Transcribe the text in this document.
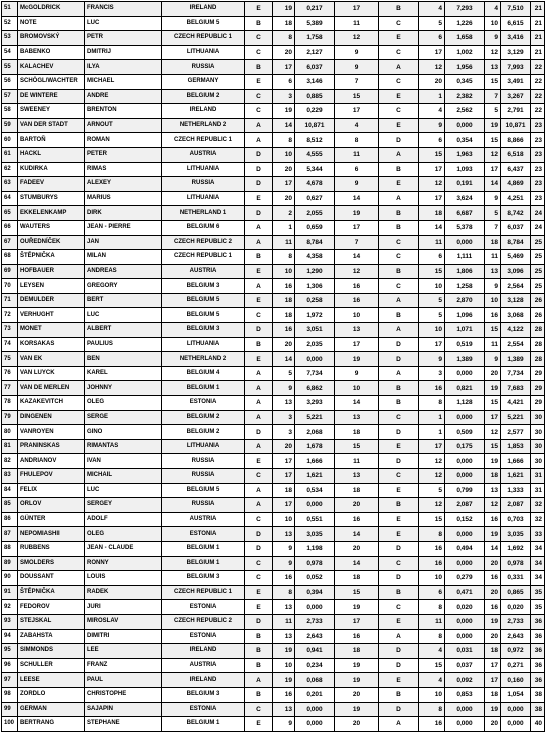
51	McGOLDRICK	FRANCIS	IRELAND	E	19	0,217	17	B	4	7,293	4	7,510	21
52	NOTE	LUC	BELGIUM 5	B	18	5,389	11	C	5	1,226	10	6,615	21
53	BROMOVSKÝ	PETR	CZECH REPUBLIC 1	C	8	1,758	12	E	6	1,658	9	3,416	21
54	BABENKO	DMITRIJ	LITHUANIA	C	20	2,127	9	C	17	1,002	12	3,129	21
55	KALACHEV	ILYA	RUSSIA	B	17	6,037	9	A	12	1,956	13	7,993	22
56	SCHÖGL/WACHTER	MICHAEL	GERMANY	E	6	3,146	7	C	20	0,345	15	3,491	22
57	DE WINTERE	ANDRE	BELGIUM 2	C	3	0,885	15	E	1	2,382	7	3,267	22
58	SWEENEY	BRENTON	IRELAND	C	19	0,229	17	C	4	2,562	5	2,791	22
59	VAN DER STADT	ARNOUT	NETHERLAND 2	A	14	10,871	4	E	9	0,000	19	10,871	23
60	BARTOŇ	ROMAN	CZECH REPUBLIC 1	A	8	8,512	8	D	6	0,354	15	8,866	23
61	HACKL	PETER	AUSTRIA	D	10	4,555	11	A	15	1,963	12	6,518	23
62	KUDIRKA	RIMAS	LITHUANIA	D	20	5,344	6	B	17	1,093	17	6,437	23
63	FADEEV	ALEXEY	RUSSIA	D	17	4,678	9	E	12	0,191	14	4,869	23
64	STUMBURYS	MARIUS	LITHUANIA	E	20	0,627	14	A	17	3,624	9	4,251	23
65	EKKELENKAMP	DIRK	NETHERLAND 1	D	2	2,055	19	B	18	6,687	5	8,742	24
66	WAUTERS	JEAN - PIERRE	BELGIUM 6	A	1	0,659	17	B	14	5,378	7	6,037	24
67	OUŘEDNÍČEK	JAN	CZECH REPUBLIC 2	A	11	8,784	7	C	11	0,000	18	8,784	25
68	ŠTĚPNIČKA	MILAN	CZECH REPUBLIC 1	B	8	4,358	14	C	6	1,111	11	5,469	25
69	HOFBAUER	ANDREAS	AUSTRIA	E	10	1,290	12	B	15	1,806	13	3,096	25
70	LEYSEN	GREGORY	BELGIUM 3	A	16	1,306	16	C	10	1,258	9	2,564	25
71	DEMULDER	BERT	BELGIUM 5	E	18	0,258	16	A	5	2,870	10	3,128	26
72	VERHUGHT	LUC	BELGIUM 5	C	18	1,972	10	B	5	1,096	16	3,068	26
73	MONET	ALBERT	BELGIUM 3	D	16	3,051	13	A	10	1,071	15	4,122	28
74	KORSAKAS	PAULIUS	LITHUANIA	B	20	2,035	17	D	17	0,519	11	2,554	28
75	VAN EK	BEN	NETHERLAND 2	E	14	0,000	19	D	9	1,389	9	1,389	28
76	VAN LUYCK	KAREL	BELGIUM 4	A	5	7,734	9	A	3	0,000	20	7,734	29
77	VAN DE MERLEN	JOHNNY	BELGIUM 1	A	9	6,862	10	B	16	0,821	19	7,683	29
78	KAZAKEVITCH	OLEG	ESTONIA	A	13	3,293	14	B	8	1,128	15	4,421	29
79	DINGENEN	SERGE	BELGIUM 2	A	3	5,221	13	C	1	0,000	17	5,221	30
80	VANROYEN	GINO	BELGIUM 2	D	3	2,068	18	D	1	0,509	12	2,577	30
81	PRANINSKAS	RIMANTAS	LITHUANIA	A	20	1,678	15	E	17	0,175	15	1,853	30
82	ANDRIANOV	IVAN	RUSSIA	E	17	1,666	11	D	12	0,000	19	1,666	30
83	FHULEPOV	MICHAIL	RUSSIA	C	17	1,621	13	C	12	0,000	18	1,621	31
84	FELIX	LUC	BELGIUM 5	A	18	0,534	18	E	5	0,799	13	1,333	31
85	ORLOV	SERGEY	RUSSIA	A	17	0,000	20	B	12	2,087	12	2,087	32
86	GÜNTER	ADOLF	AUSTRIA	C	10	0,551	16	E	15	0,152	16	0,703	32
87	NEPOMIASHII	OLEG	ESTONIA	D	13	3,035	14	E	8	0,000	19	3,035	33
88	RUBBENS	JEAN - CLAUDE	BELGIUM 1	D	9	1,198	20	D	16	0,494	14	1,692	34
89	SMOLDERS	RONNY	BELGIUM 1	C	9	0,978	14	C	16	0,000	20	0,978	34
90	DOUSSANT	LOUIS	BELGIUM 3	C	16	0,052	18	D	10	0,279	16	0,331	34
91	ŠTĚPNIČKA	RADEK	CZECH REPUBLIC 1	E	8	0,394	15	B	6	0,471	20	0,865	35
92	FEDOROV	JURI	ESTONIA	E	13	0,000	19	C	8	0,020	16	0,020	35
93	STEJSKAL	MIROSLAV	CZECH REPUBLIC 2	D	11	2,733	17	E	11	0,000	19	2,733	36
94	ZABAHSTA	DIMITRI	ESTONIA	B	13	2,643	16	A	8	0,000	20	2,643	36
95	SIMMONDS	LEE	IRELAND	B	19	0,941	18	D	4	0,031	18	0,972	36
96	SCHULLER	FRANZ	AUSTRIA	B	10	0,234	19	D	15	0,037	17	0,271	36
97	LEESE	PAUL	IRELAND	A	19	0,068	19	E	4	0,092	17	0,160	36
98	ZORDLO	CHRISTOPHE	BELGIUM 3	B	16	0,201	20	B	10	0,853	18	1,054	38
99	GERMAN	SAJAPIN	ESTONIA	C	13	0,000	19	D	8	0,000	19	0,000	38
100	BERTRANG	STEPHANE	BELGIUM 1	E	9	0,000	20	A	16	0,000	20	0,000	40
